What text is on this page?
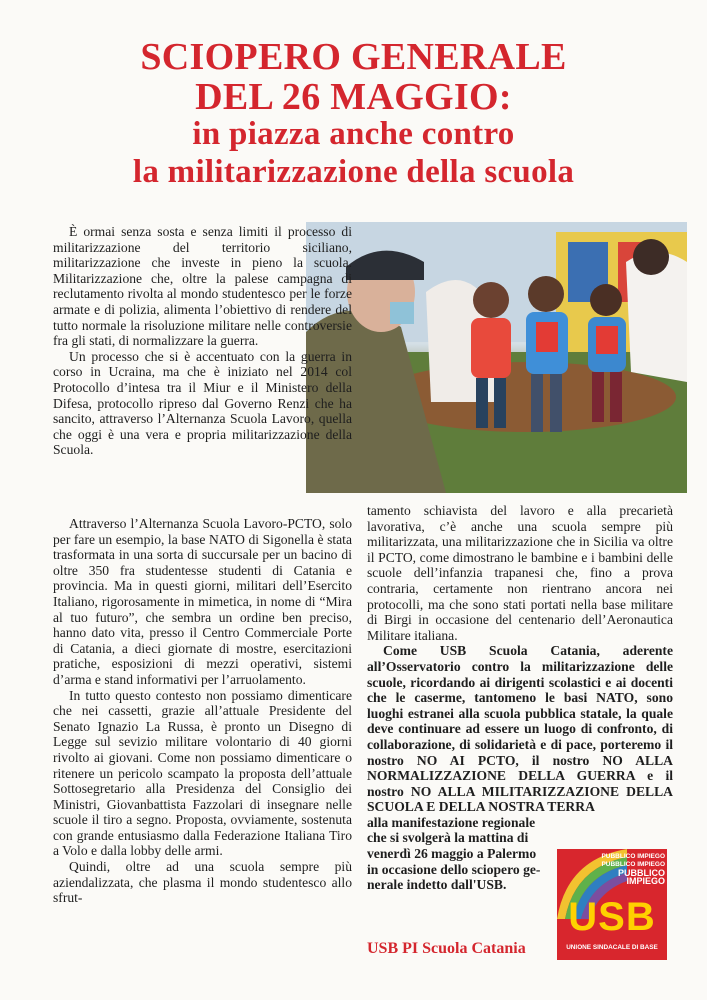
SCIOPERO GENERALE
DEL 26 MAGGIO:
in piazza anche contro
la militarizzazione della scuola

È ormai senza sosta e senza limiti il processo di militarizzazione del territorio siciliano, militarizzazione che investe in pieno la scuola. Militarizzazione che, oltre la palese campagna di reclutamento rivolta al mondo studentesco per le forze armate e di polizia, alimenta l’obiettivo di rendere del tutto normale la risoluzione militare nelle controversie fra gli stati, di normalizzare la guerra.

Un processo che si è accentuato con la guerra in corso in Ucraina, ma che è iniziato nel 2014 col Protocollo d’intesa tra il Miur e il Ministero della Difesa, protocollo ripreso dal Governo Renzi che ha sancito, attraverso l’Alternanza Scuola Lavoro, quella che oggi è una vera e propria militarizzazione della Scuola.

Attraverso l’Alternanza Scuola Lavoro-PCTO, solo per fare un esempio, la base NATO di Sigonella è stata trasformata in una sorta di succursale per un bacino di oltre 350 fra studentesse studenti di Catania e provincia. Ma in questi giorni, militari dell’Esercito Italiano, rigorosamente in mimetica, in nome di “Mira al tuo futuro”, che sembra un ordine ben preciso, hanno dato vita, presso il Centro Commerciale Porte di Catania, a dieci giornate di mostre, esercitazioni pratiche, esposizioni di mezzi operativi, sistemi d’arma e stand informativi per l’arruolamento.

In tutto questo contesto non possiamo dimenticare che nei cassetti, grazie all’attuale Presidente del Senato Ignazio La Russa, è pronto un Disegno di Legge sul sevizio militare volontario di 40 giorni rivolto ai giovani. Come non possiamo dimenticare o ritenere un pericolo scampato la proposta dell’attuale Sottosegretario alla Presidenza del Consiglio dei Ministri, Giovanbattista Fazzolari di insegnare nelle scuole il tiro a segno. Proposta, ovviamente, sostenuta con grande entusiasmo dalla Federazione Italiana Tiro a Volo e dalla lobby delle armi.

Quindi, oltre ad una scuola sempre più aziendalizzata, che plasma il mondo studentesco allo sfrut-

tamento schiavista del lavoro e alla precarietà lavorativa, c’è anche una scuola sempre più militarizzata, una militarizzazione che in Sicilia va oltre il PCTO, come dimostrano le bambine e i bambini delle scuole dell’infanzia trapanesi che, fino a prova contraria, certamente non rientrano ancora nei protocolli, ma che sono stati portati nella base militare di Birgi in occasione del centenario dell’Aeronautica Militare italiana.

Come USB Scuola Catania, aderente all’Osservatorio contro la militarizzazione delle scuole, ricordando ai dirigenti scolastici e ai docenti che le caserme, tantomeno le basi NATO, sono luoghi estranei alla scuola pubblica statale, la quale deve continuare ad essere un luogo di confronto, di collaborazione, di solidarietà e di pace, porteremo il nostro NO AI PCTO, il nostro NO ALLA NORMALIZZAZIONE DELLA GUERRA e il nostro NO ALLA MILITARIZZAZIONE DELLA SCUOLA E DELLA NOSTRA TERRA

alla manifestazione regionale
che si svolgerà la mattina di
venerdì 26 maggio a Palermo
in occasione dello sciopero ge-
nerale indetto dall'USB.
USB PI Scuola Catania
PUBBLICO IMPIEGO
PUBBLICO IMPIEGO
PUBBLICO IMPIEGO
USB
UNIONE SINDACALE DI BASE
